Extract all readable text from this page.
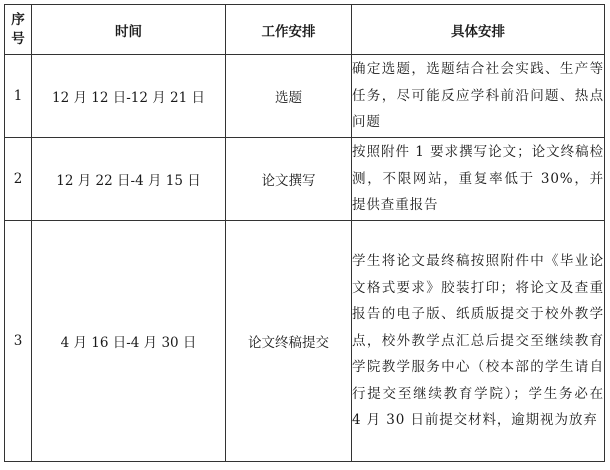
序号	时间	工作安排	具体安排
1	12 月 12 日-12 月 21 日	选题	确定选题，选题结合社会实践、生产等任务，尽可能反应学科前沿问题、热点问题
2	12 月 22 日-4 月 15 日	论文撰写	按照附件 1 要求撰写论文；论文终稿检测，不限网站，重复率低于 30%，并提供查重报告
3	4 月 16 日-4 月 30 日	论文终稿提交	学生将论文最终稿按照附件中《毕业论文格式要求》胶装打印；将论文及查重报告的电子版、纸质版提交于校外教学点，校外教学点汇总后提交至继续教育学院教学服务中心（校本部的学生请自行提交至继续教育学院）；学生务必在 4 月 30 日前提交材料，逾期视为放弃
